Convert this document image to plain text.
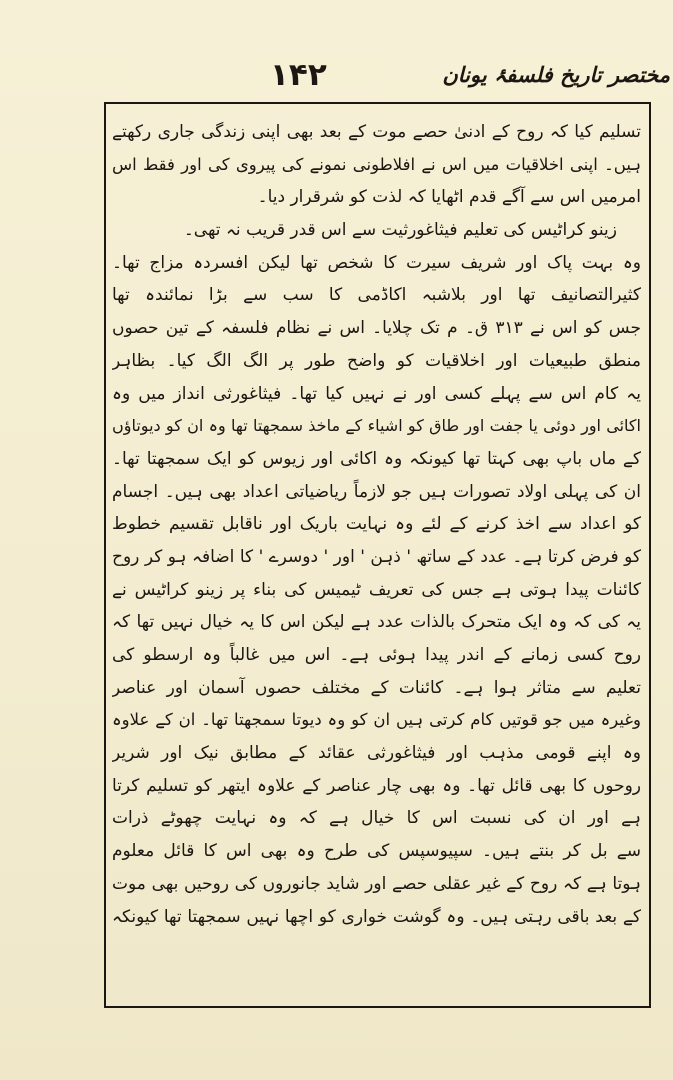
مختصر تاریخ فلسفۂ یونان
۱۴۲
تسلیم کیا کہ روح کے ادنیٰ حصے موت کے بعد بھی اپنی زندگی جاری رکھتے
ہیں۔ اپنی اخلاقیات میں اس نے افلاطونی نمونے کی پیروی کی اور فقط اس
امرمیں اس سے آگے قدم اٹھایا کہ لذت کو شرقرار دیا۔
زینو کراٹیس کی تعلیم فیثاغورثیت سے اس قدر قریب نہ تھی۔
وہ بہت پاک اور شریف سیرت کا شخص تھا لیکن افسردہ مزاج تھا۔
کثیرالتصانیف تھا اور بلاشبہ اکاڈمی کا سب سے بڑا نمائندہ تھا
جس کو اس نے ۳۱۳ ق۔ م تک چلایا۔ اس نے نظام فلسفہ کے تین حصوں
منطق طبیعیات اور اخلاقیات کو واضح طور پر الگ الگ کیا۔ بظاہر
یہ کام اس سے پہلے کسی اور نے نہیں کیا تھا۔ فیثاغورثی انداز میں وہ
اکائی اور دوئی یا جفت اور طاق کو اشیاء کے ماخذ سمجھتا تھا وہ ان کو دیوتاؤں
کے ماں باپ بھی کہتا تھا کیونکہ وہ اکائی اور زیوس کو ایک سمجھتا تھا۔
ان کی پہلی اولاد تصورات ہیں جو لازماً ریاضیاتی اعداد بھی ہیں۔ اجسام
کو اعداد سے اخذ کرنے کے لئے وہ نہایت باریک اور ناقابل تقسیم خطوط
کو فرض کرتا ہے۔ عدد کے ساتھ ' ذہن ' اور ' دوسرے ' کا اضافہ ہو کر روح
کائنات پیدا ہوتی ہے جس کی تعریف ٹیمیس کی بناء پر زینو کراٹیس نے
یہ کی کہ وہ ایک متحرک بالذات عدد ہے لیکن اس کا یہ خیال نہیں تھا کہ
روح کسی زمانے کے اندر پیدا ہوئی ہے۔ اس میں غالباً وہ ارسطو کی
تعلیم سے متاثر ہوا ہے۔ کائنات کے مختلف حصوں آسمان اور عناصر
وغیرہ میں جو قوتیں کام کرتی ہیں ان کو وہ دیوتا سمجھتا تھا۔ ان کے علاوہ
وہ اپنے قومی مذہب اور فیثاغورثی عقائد کے مطابق نیک اور شریر
روحوں کا بھی قائل تھا۔ وہ بھی چار عناصر کے علاوہ ایتھر کو تسلیم کرتا
ہے اور ان کی نسبت اس کا خیال ہے کہ وہ نہایت چھوٹے ذرات
سے بل کر بنتے ہیں۔ سپیوسپس کی طرح وہ بھی اس کا قائل معلوم
ہوتا ہے کہ روح کے غیر عقلی حصے اور شاید جانوروں کی روحیں بھی موت
کے بعد باقی رہتی ہیں۔ وہ گوشت خواری کو اچھا نہیں سمجھتا تھا کیونکہ
